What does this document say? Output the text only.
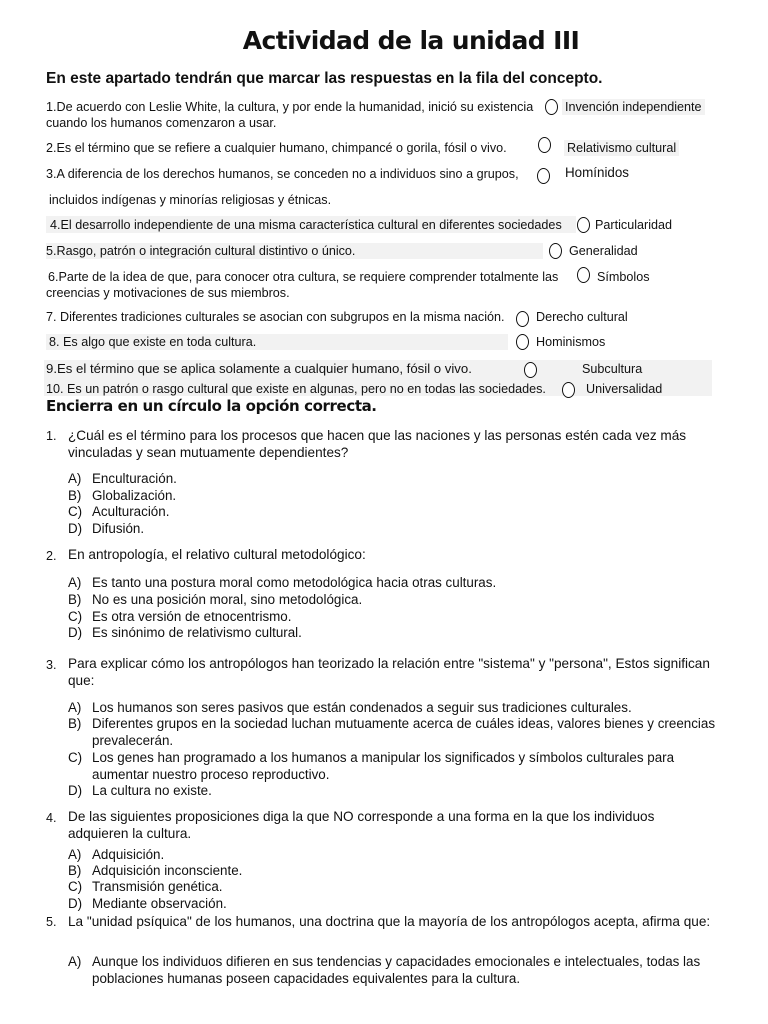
Actividad de la unidad III
En este apartado tendrán que marcar las respuestas en la fila del concepto.
1.De acuerdo con Leslie White, la cultura, y por ende la humanidad, inició su existencia
cuando los humanos comenzaron a usar.
Invención independiente
2.Es el término que se refiere a cualquier humano, chimpancé o gorila, fósil o vivo.	Relativismo cultural
3.A diferencia de los derechos humanos, se conceden no a individuos sino a grupos,	Homínidos
incluidos indígenas y minorías religiosas y étnicas.
4.El desarrollo independiente de una misma característica cultural en diferentes sociedades	Particularidad
5.Rasgo, patrón o integración cultural distintivo o único.	Generalidad
6.Parte de la idea de que, para conocer otra cultura, se requiere comprender totalmente las
creencias y motivaciones de sus miembros.
Símbolos
7. Diferentes tradiciones culturales se asocian con subgrupos en la misma nación. Derecho cultural
8. Es algo que existe en toda cultura.	Hominismos
9.Es el término que se aplica solamente a cualquier humano, fósil o vivo.	Subcultura
10. Es un patrón o rasgo cultural que existe en algunas, pero no en todas las sociedades.	Universalidad
Encierra en un círculo la opción correcta.
1. ¿Cuál es el término para los procesos que hacen que las naciones y las personas estén cada vez más vinculadas y sean mutuamente dependientes?
A) Enculturación.
B) Globalización.
C) Aculturación.
D) Difusión.
2. En antropología, el relativo cultural metodológico:
A) Es tanto una postura moral como metodológica hacia otras culturas.
B) No es una posición moral, sino metodológica.
C) Es otra versión de etnocentrismo.
D) Es sinónimo de relativismo cultural.
3. Para explicar cómo los antropólogos han teorizado la relación entre "sistema" y "persona", Estos significan que:
A) Los humanos son seres pasivos que están condenados a seguir sus tradiciones culturales.
B) Diferentes grupos en la sociedad luchan mutuamente acerca de cuáles ideas, valores bienes y creencias prevalecerán.
C) Los genes han programado a los humanos a manipular los significados y símbolos culturales para aumentar nuestro proceso reproductivo.
D) La cultura no existe.
4. De las siguientes proposiciones diga la que NO corresponde a una forma en la que los individuos adquieren la cultura.
A) Adquisición.
B) Adquisición inconsciente.
C) Transmisión genética.
D) Mediante observación.
5. La "unidad psíquica" de los humanos, una doctrina que la mayoría de los antropólogos acepta, afirma que:
A) Aunque los individuos difieren en sus tendencias y capacidades emocionales e intelectuales, todas las poblaciones humanas poseen capacidades equivalentes para la cultura.
